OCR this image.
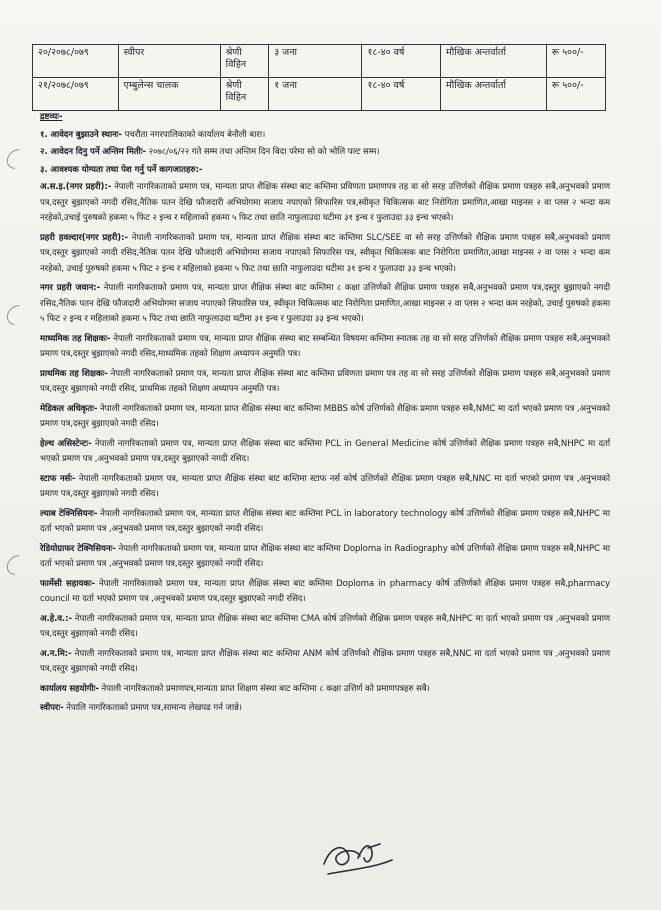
२०/२०७८/०७९	स्वीपर	श्रेणी विहिन	३ जना	१८-४० वर्ष	मौखिक अन्तर्वार्ता	रू ५००/-
२१/२०७८/०७९	एम्बुलेन्स चालक	श्रेणी विहिन	१ जना	१८-४० वर्ष	मौखिक अन्तर्वार्ता	रू ५००/-
द्रष्टव्यः-
१. आवेदन बुझाउने स्थानः- पचरौता नगरपालिकाको कार्यालय बेनौली बारा।
२. आवेदन दिनु पर्ने अन्तिम मितीः- २०७८/०६/२२ गते सम्म तथा अन्तिम दिन बिदा परेमा सो को भोलि पल्ट सम्म।
३. आवश्यक योग्यता तथा पेश गर्नु पर्ने कागजातहरु:-
अ.स.इ.(नगर प्रहरी):- नेपाली नागरिकताको प्रमाण पत्र, मान्यता प्राप्त शैक्षिक संस्था बाट कम्तिमा प्रविणता प्रमाणपत्र तह वा सो सरह उत्तिर्णको शैक्षिक प्रमाण पत्रहरु सबै,अनुभवको प्रमाण पत्र,दस्तुर बुझाएको नगदी रसिद,नैतिक पतन देखि फौजदारी अभियोगमा सजाय नपाएको सिफारिस पत्र,स्वीकृत चिकित्सक बाट निरोगिता प्रमाणित,आखा माइनस २ वा प्लस २ भन्दा कम नरहेको,उचाई पुरुषको हकमा ५ फिट २ इन्च र महिलाको हकमा ५ फिट तथा छाति नाफुलाउदा घटीमा ३१ इन्च र फुलाउदा ३३ इन्च भएको।
प्रहरी हवल्दार(नगर प्रहरी):- नेपाली नागरिकताको प्रमाण पत्र, मान्यता प्राप्त शैक्षिक संस्था बाट कम्तिमा SLC/SEE वा सो सरह उत्तिर्णको शैक्षिक प्रमाण पत्रहरु सबै,अनुभवको प्रमाण पत्र,दस्तुर बुझाएको नगदी रसिद,नैतिक पतन देखि फौजदारी अभियोगमा सजाय नपाएको सिफारिस पत्र, स्वीकृत चिकित्सक बाट निरोगिता प्रमाणित,आखा माइनस २ वा प्लस २ भन्दा कम नरहेको, उचाई पुरुषको हकमा ५ फिट २ इन्च र महिलाको हकमा ५ फिट तथा छाति नाफुलाउदा घटीमा ३१ इन्च र फुलाउदा ३३ इन्च भएको।
नगर प्रहरी जवान:- नेपाली नागरिकताको प्रमाण पत्र, मान्यता प्राप्त शैक्षिक संस्था बाट कम्तिमा ८ कक्षा उत्तिर्णको शैक्षिक प्रमाण पत्रहरु सबै,अनुभवको प्रमाण पत्र,दस्तुर बुझाएको नगदी रसिद,नैतिक पतन देखि फौजदारी अभियोगमा सजाय नपाएको सिफारिस पत्र, स्वीकृत चिकित्सक बाट निरोगिता प्रमाणित,आखा माइनस २ वा प्लस २ भन्दा कम नरहेको, उचाई पुरुषको हकमा ५ फिट २ इन्च र महिलाको हकमा ५ फिट तथा छाति नाफुलाउदा घटीमा ३१ इन्च र फुलाउदा ३३ इन्च भएको।
माध्यमिक तह शिक्षकः- नेपाली नागरिकताको प्रमाण पत्र, मान्यता प्राप्त शैक्षिक संस्था बाट सम्बन्धित विषयमा कम्तिमा स्नातक तह वा सो सरह उत्तिर्णको शैक्षिक प्रमाण पत्रहरु सबै,अनुभवको प्रमाण पत्र,दस्तुर बुझाएको नगदी रसिद,माध्यमिक तहको शिक्षण अध्यापन अनुमति पत्र।
प्राथमिक तह शिक्षकः- नेपाली नागरिकताको प्रमाण पत्र, मान्यता प्राप्त शैक्षिक संस्था बाट कम्तिमा प्रविणता प्रमाण पत्र तह वा सो सरह उत्तिर्णको शैक्षिक प्रमाण पत्रहरु सबै,अनुभवको प्रमाण पत्र,दस्तुर बुझाएको नगदी रसिद, प्राथमिक तहको शिक्षण अध्यापन अनुमति पत्र।
मेडिकल अधिकृतः- नेपाली नागरिकताको प्रमाण पत्र, मान्यता प्राप्त शैक्षिक संस्था बाट कम्तिमा MBBS कोर्ष उत्तिर्णको शैक्षिक प्रमाण पत्रहरु सबै,NMC मा दर्ता भएको प्रमाण पत्र ,अनुभवको प्रमाण पत्र,दस्तुर बुझाएको नगदी रसिद।
हेल्थ असिस्टेन्टः- नेपाली नागरिकताको प्रमाण पत्र, मान्यता प्राप्त शैक्षिक संस्था बाट कम्तिमा PCL in General Medicine कोर्ष उत्तिर्णको शैक्षिक प्रमाण पत्रहरु सबै,NHPC मा दर्ता भएको प्रमाण पत्र ,अनुभवको प्रमाण पत्र,दस्तुर बुझाएको नगदी रसिद।
स्टाफ नर्सः- नेपाली नागरिकताको प्रमाण पत्र, मान्यता प्राप्त शैक्षिक संस्था बाट कम्तिमा स्टाफ नर्स कोर्ष उत्तिर्णको शैक्षिक प्रमाण पत्रहरु सबै,NNC मा दर्ता भएको प्रमाण पत्र ,अनुभवको प्रमाण पत्र,दस्तुर बुझाएको नगदी रसिद।
ल्याब टेक्निसियनः- नेपाली नागरिकताको प्रमाण पत्र, मान्यता प्राप्त शैक्षिक संस्था बाट कम्तिमा PCL in laboratory technology कोर्ष उत्तिर्णको शैक्षिक प्रमाण पत्रहरु सबै,NHPC मा दर्ता भएको प्रमाण पत्र ,अनुभवको प्रमाण पत्र,दस्तुर बुझाएको नगदी रसिद।
रेडियोग्राफर टेक्निसियनः- नेपाली नागरिकताको प्रमाण पत्र, मान्यता प्राप्त शैक्षिक संस्था बाट कम्तिमा Doploma in Radiography कोर्ष उत्तिर्णको शैक्षिक प्रमाण पत्रहरु सबै,NHPC मा दर्ता भएको प्रमाण पत्र ,अनुभवको प्रमाण पत्र,दस्तुर बुझाएको नगदी रसिद।
फार्मेसी सहायकः- नेपाली नागरिकताको प्रमाण पत्र, मान्यता प्राप्त शैक्षिक संस्था बाट कम्तिमा Doploma in pharmacy कोर्ष उत्तिर्णको शैक्षिक प्रमाण पत्रहरु सबै,pharmacy council मा दर्ता भएको प्रमाण पत्र ,अनुभवको प्रमाण पत्र,दस्तुर बुझाएको नगदी रसिद।
अ.हे.व.:- नेपाली नागरिकताको प्रमाण पत्र, मान्यता प्राप्त शैक्षिक संस्था बाट कम्तिमा CMA कोर्ष उत्तिर्णको शैक्षिक प्रमाण पत्रहरु सबै,NHPC मा दर्ता भएको प्रमाण पत्र ,अनुभवको प्रमाण पत्र,दस्तुर बुझाएको नगदी रसिद।
अ.न.मि:- नेपाली नागरिकताको प्रमाण पत्र, मान्यता प्राप्त शैक्षिक संस्था बाट कम्तिमा ANM कोर्ष उत्तिर्णको शैक्षिक प्रमाण पत्रहरु सबै,NNC मा दर्ता भएको प्रमाण पत्र ,अनुभवको प्रमाण पत्र,दस्तुर बुझाएको नगदी रसिद।
कार्यालय सहयोगीः- नेपाली नागरिकताको प्रमाणपत्र,मान्यता प्राप्त शिक्षण संस्था बाट कम्तिमा ८ कक्षा उत्तिर्ण को प्रमाणपत्रहरु सबै।
स्वीपरः- नेपालि नागरिकताको प्रमाण पत्र,सामान्य लेखपढ गर्न जान्ने।
